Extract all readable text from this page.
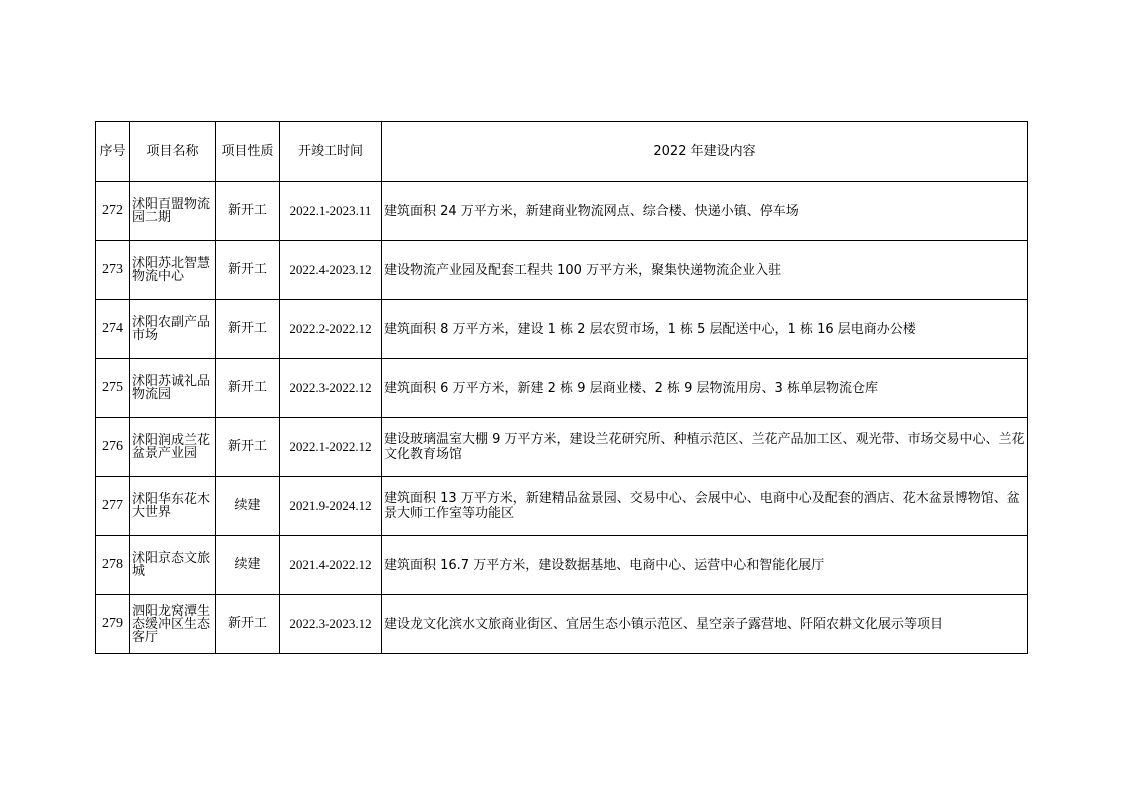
序号	项目名称	项目性质	开竣工时间	2022 年建设内容
272	沭阳百盟物流园二期	新开工	2022.1-2023.11	建筑面积 24 万平方米，新建商业物流网点、综合楼、快递小镇、停车场

273	沭阳苏北智慧物流中心	新开工	2022.4-2023.12	建设物流产业园及配套工程共 100 万平方米，聚集快递物流企业入驻

274	沭阳农副产品市场	新开工	2022.2-2022.12	建筑面积 8 万平方米，建设 1 栋 2 层农贸市场，1 栋 5 层配送中心，1 栋 16 层电商办公楼

275	沭阳苏诚礼品物流园	新开工	2022.3-2022.12	建筑面积 6 万平方米，新建 2 栋 9 层商业楼、2 栋 9 层物流用房、3 栋单层物流仓库

276	沭阳润成兰花盆景产业园	新开工	2022.1-2022.12	建设玻璃温室大棚 9 万平方米，建设兰花研究所、种植示范区、兰花产品加工区、观光带、市场交易中心、兰花文化教育场馆

277	沭阳华东花木大世界	续建	2021.9-2024.12	建筑面积 13 万平方米，新建精品盆景园、交易中心、会展中心、电商中心及配套的酒店、花木盆景博物馆、盆景大师工作室等功能区

278	沭阳京态文旅城	续建	2021.4-2022.12	建筑面积 16.7 万平方米，建设数据基地、电商中心、运营中心和智能化展厅

279	泗阳龙窝潭生态缓冲区生态客厅	新开工	2022.3-2023.12	建设龙文化滨水文旅商业街区、宜居生态小镇示范区、星空亲子露营地、阡陌农耕文化展示等项目
